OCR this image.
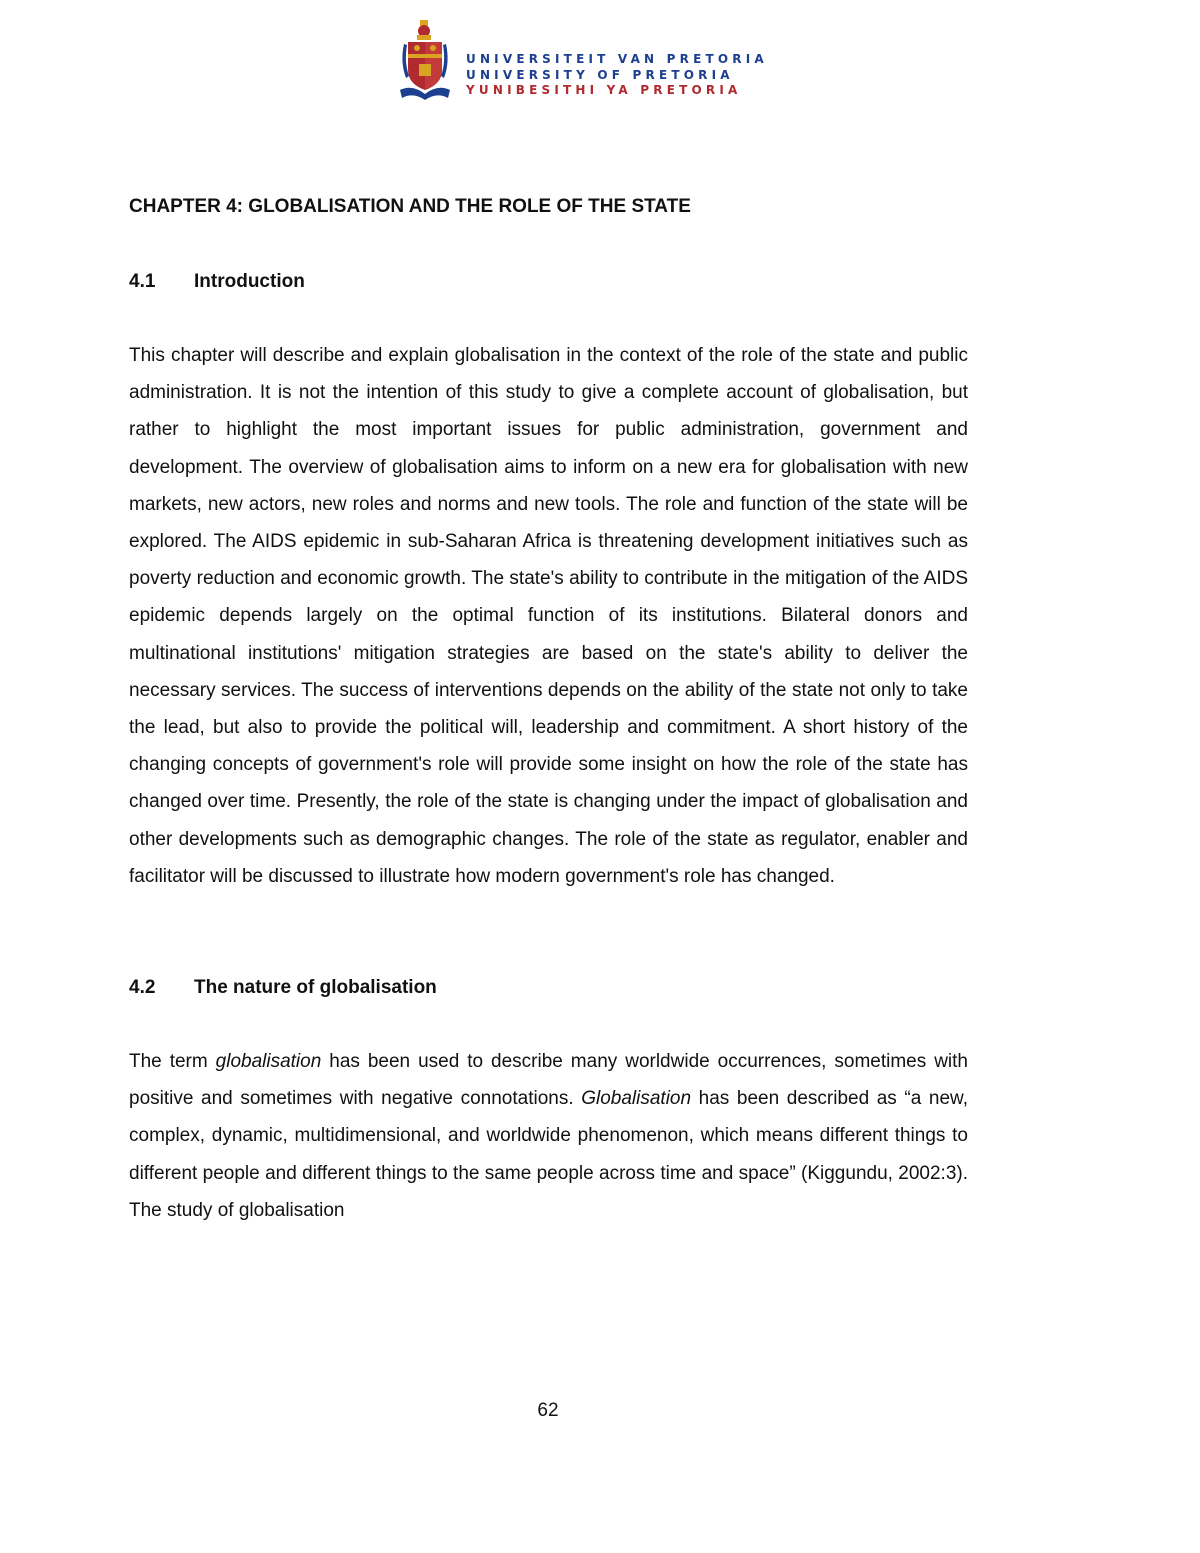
UNIVERSITEIT VAN PRETORIA
UNIVERSITY OF PRETORIA
YUNIBESITHI YA PRETORIA
CHAPTER 4: GLOBALISATION AND THE ROLE OF THE STATE
4.1 Introduction

This chapter will describe and explain globalisation in the context of the role of the state and public administration. It is not the intention of this study to give a complete account of globalisation, but rather to highlight the most important issues for public administration, government and development. The overview of globalisation aims to inform on a new era for globalisation with new markets, new actors, new roles and norms and new tools. The role and function of the state will be explored. The AIDS epidemic in sub-Saharan Africa is threatening development initiatives such as poverty reduction and economic growth. The state's ability to contribute in the mitigation of the AIDS epidemic depends largely on the optimal function of its institutions. Bilateral donors and multinational institutions' mitigation strategies are based on the state's ability to deliver the necessary services. The success of interventions depends on the ability of the state not only to take the lead, but also to provide the political will, leadership and commitment. A short history of the changing concepts of government's role will provide some insight on how the role of the state has changed over time. Presently, the role of the state is changing under the impact of globalisation and other developments such as demographic changes. The role of the state as regulator, enabler and facilitator will be discussed to illustrate how modern government's role has changed.

4.2 The nature of globalisation

The term globalisation has been used to describe many worldwide occurrences, sometimes with positive and sometimes with negative connotations. Globalisation has been described as “a new, complex, dynamic, multidimensional, and worldwide phenomenon, which means different things to different people and different things to the same people across time and space” (Kiggundu, 2002:3). The study of globalisation

62
